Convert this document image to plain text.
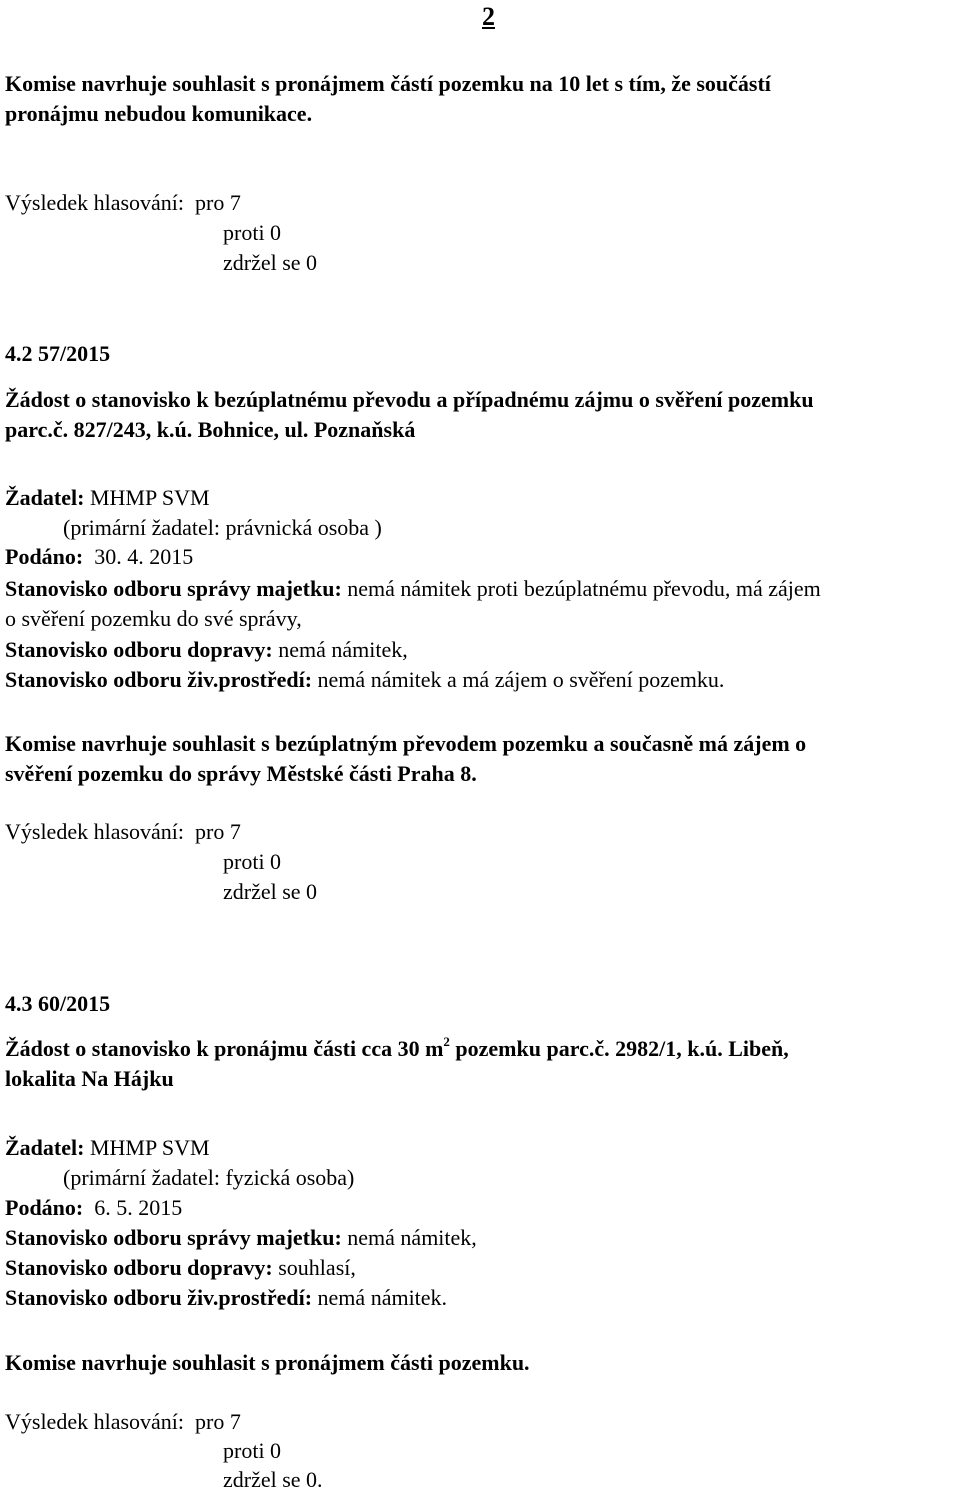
2
Komise navrhuje souhlasit s pronájmem částí pozemku na 10 let s tím, že součástí
pronájmu nebudou komunikace.
Výsledek hlasování: pro 7
proti 0
zdržel se 0
4.2 57/2015
Žádost o stanovisko k bezúplatnému převodu a případnému zájmu o svěření pozemku
parc.č. 827/243, k.ú. Bohnice, ul. Poznaňská
Žadatel: MHMP SVM
(primární žadatel: právnická osoba )
Podáno: 30. 4. 2015
Stanovisko odboru správy majetku: nemá námitek proti bezúplatnému převodu, má zájem
o svěření pozemku do své správy,
Stanovisko odboru dopravy: nemá námitek,
Stanovisko odboru živ.prostředí: nemá námitek a má zájem o svěření pozemku.
Komise navrhuje souhlasit s bezúplatným převodem pozemku a současně má zájem o
svěření pozemku do správy Městské části Praha 8.
Výsledek hlasování: pro 7
proti 0
zdržel se 0
4.3 60/2015
Žádost o stanovisko k pronájmu části cca 30 $m^2$ pozemku parc.č. 2982/1, k.ú. Libeň,
lokalita Na Hájku
Žadatel: MHMP SVM
(primární žadatel: fyzická osoba)
Podáno: 6. 5. 2015
Stanovisko odboru správy majetku: nemá námitek,
Stanovisko odboru dopravy: souhlasí,
Stanovisko odboru živ.prostředí: nemá námitek.
Komise navrhuje souhlasit s pronájmem části pozemku.
Výsledek hlasování: pro 7
proti 0
zdržel se 0.
